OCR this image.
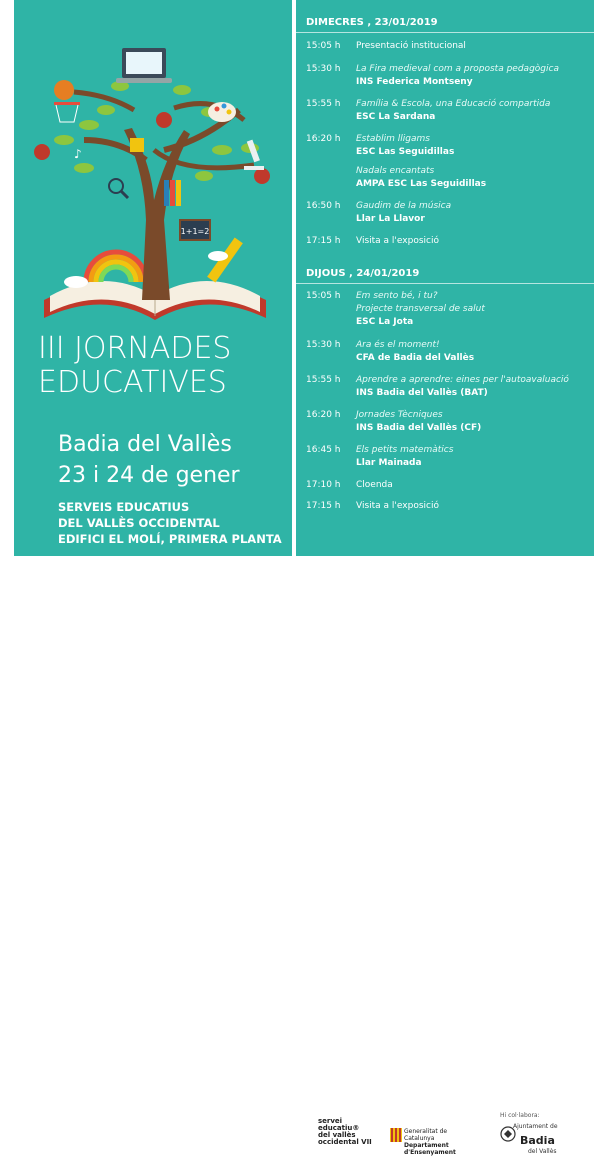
1+1=2
♪
III JORNADES
EDUCATIVES
Badia del Vallès
23 i 24 de gener
SERVEIS EDUCATIUS
DEL VALLÈS OCCIDENTAL
EDIFICI EL MOLÍ, PRIMERA PLANTA
DIMECRES , 23/01/2019
15:05 h	Presentació institucional
15:30 h	La Fira medieval com a proposta pedagògica
INS Federica Montseny
15:55 h	Família & Escola, una Educació compartida
ESC La Sardana
16:20 h	Establim lligams
ESC Las Seguidillas
Nadals encantats
AMPA ESC Las Seguidillas
16:50 h	Gaudim de la música
Llar La Llavor
17:15 h	Visita a l'exposició
DIJOUS , 24/01/2019
15:05 h	Em sento bé, i tu?
Projecte transversal de salut
ESC La Jota
15:30 h	Ara és el moment!
CFA de Badia del Vallès
15:55 h	Aprendre a aprendre: eines per l'autoavaluació
INS Badia del Vallès (BAT)
16:20 h	Jornades Tècniques
INS Badia del Vallès (CF)
16:45 h	Els petits matemàtics
Llar Mainada
17:10 h	Cloenda
17:15 h	Visita a l'exposició
servei
educatiu®
del vallès
occidental VII
Generalitat de Catalunya
Departament
d'Ensenyament
Hi col·labora:
Ajuntament de
Badia
del Vallès
